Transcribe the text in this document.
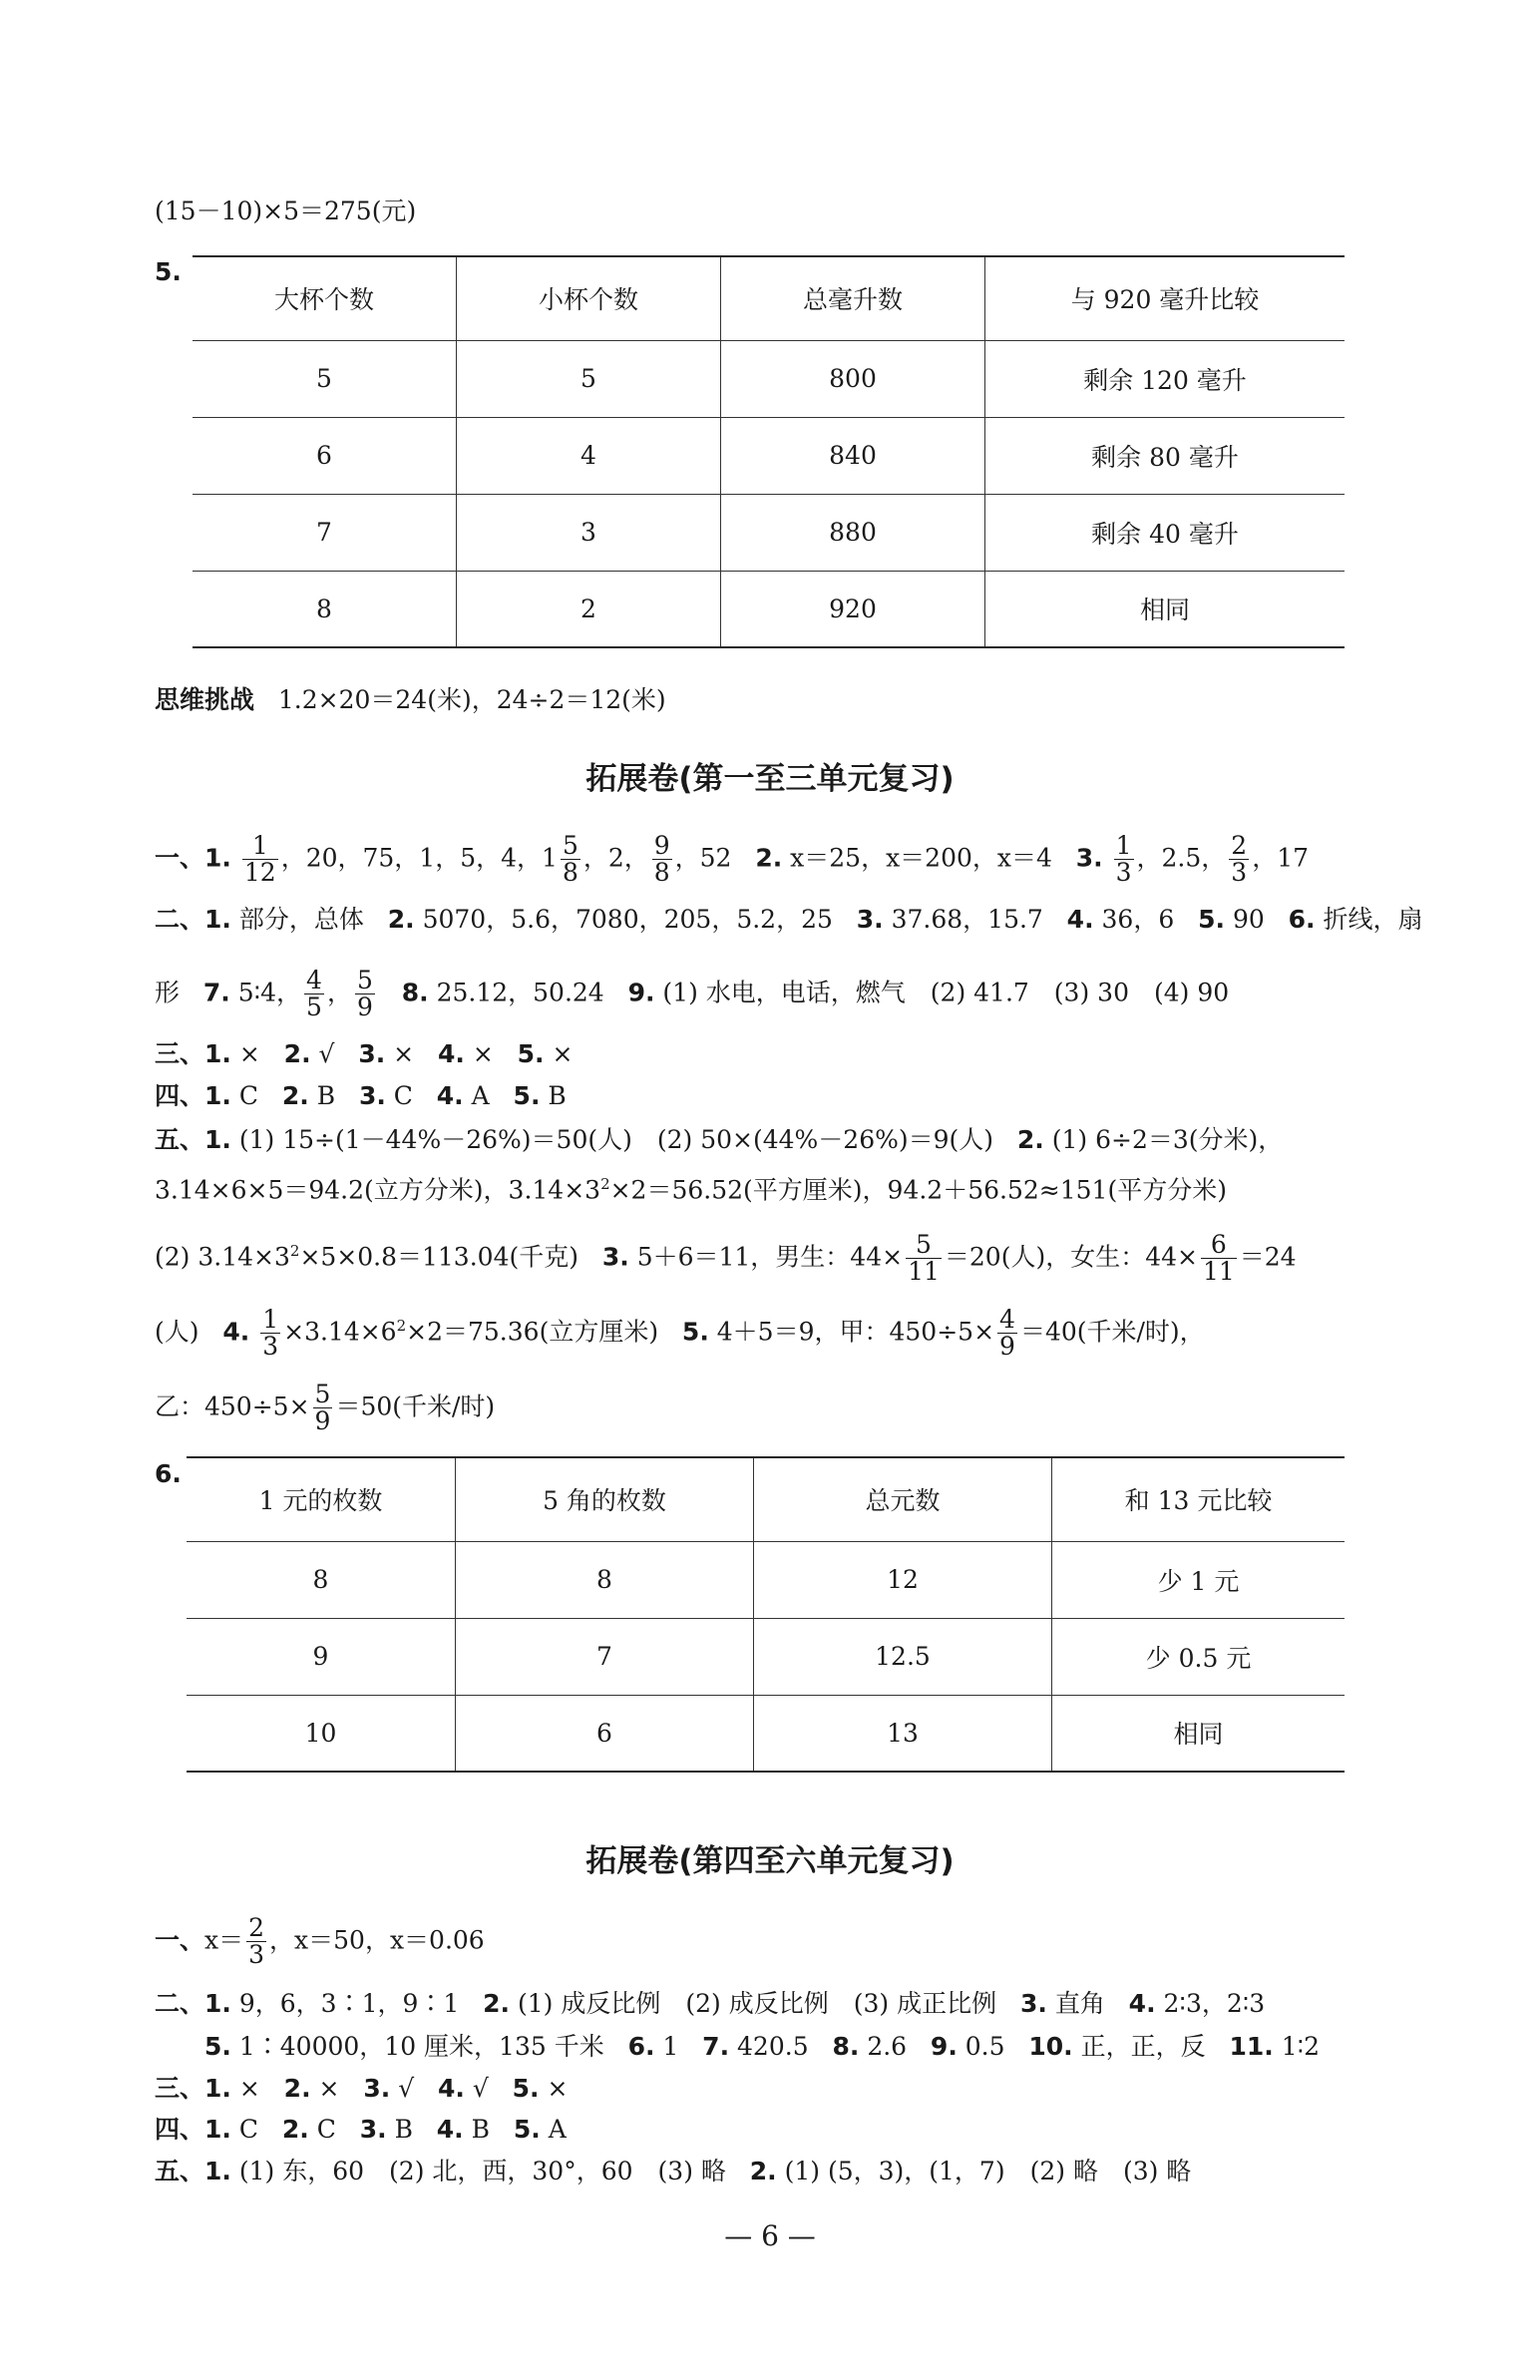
(15－10)×5＝275(元)
5.
大杯个数	小杯个数	总毫升数	与 920 毫升比较
5	5	800	剩余 120 毫升
6	4	840	剩余 80 毫升
7	3	880	剩余 40 毫升
8	2	920	相同
思维挑战 1.2×20＝24(米)，24÷2＝12(米)
拓展卷(第一至三单元复习)
一、1. $\frac{1}{12}$ ，20，75，1，5，4，$1 \frac{5}{8}$ ，2， $\frac{9}{8}$ ，52 2. x＝25，x＝200，x＝4 3. $\frac{1}{3}$ ，2.5， $\frac{2}{3}$ ，17
二、1. 部分，总体 2. 5070，5.6，7080，205，5.2，25 3. 37.68，15.7 4. 36，6 5. 90 6. 折线，扇
形 7. 5∶4， $\frac{4}{5}$ ， $\frac{5}{9} 8$. 25.12，50.24 9. (1) 水电，电话，燃气　(2) 41.7　(3) 30　(4) 90
三、1. × 2. √ 3. × 4. × 5. ×
四、1. C 2. B 3. C 4. A 5. B
五、1. (1) 15÷(1－44%－26%)＝50(人)　(2) 50×(44%－26%)＝9(人) 2. (1) 6÷2＝3(分米)，
3.14×6×5＝94.2(立方分米)，$3.14\times 3^2\times 2=56.52$(平方厘米)，94.2＋56.52≈151(平方分米)
(2) $3.14\times 3^2\times 5\times 0.8=113.04$(千克) 3. 5＋6＝11，男生：$44\times \frac{5}{11} =20$(人)，女生：$44\times \frac{6}{11} =24$
(人) 4. $\frac{1}{3} \times 3.14\times 6^2\times 2=75.36$(立方厘米) 5. 4＋5＝9，甲：$450\div 5\times \frac{4}{9} =40$(千米/时)，
乙：$450\div 5\times \frac{5}{9} =50$(千米/时)
6.
1 元的枚数	5 角的枚数	总元数	和 13 元比较
8	8	12	少 1 元
9	7	12.5	少 0.5 元
10	6	13	相同
拓展卷(第四至六单元复习)
一、$x= \frac{2}{3}$ ，x＝50，x＝0.06
二、1. 9，6，3∶1，9∶1 2. (1) 成反比例　(2) 成反比例　(3) 成正比例 3. 直角 4. 2∶3，2∶3
5. 1∶40000，10 厘米，135 千米 6. 1 7. 420.5 8. 2.6 9. 0.5 10. 正，正，反 11. 1∶2
三、1. × 2. × 3. √ 4. √ 5. ×
四、1. C 2. C 3. B 4. B 5. A
五、1. (1) 东，60　(2) 北，西，30°，60　(3) 略 2. (1) (5，3)，(1，7)　(2) 略　(3) 略
— 6 —
